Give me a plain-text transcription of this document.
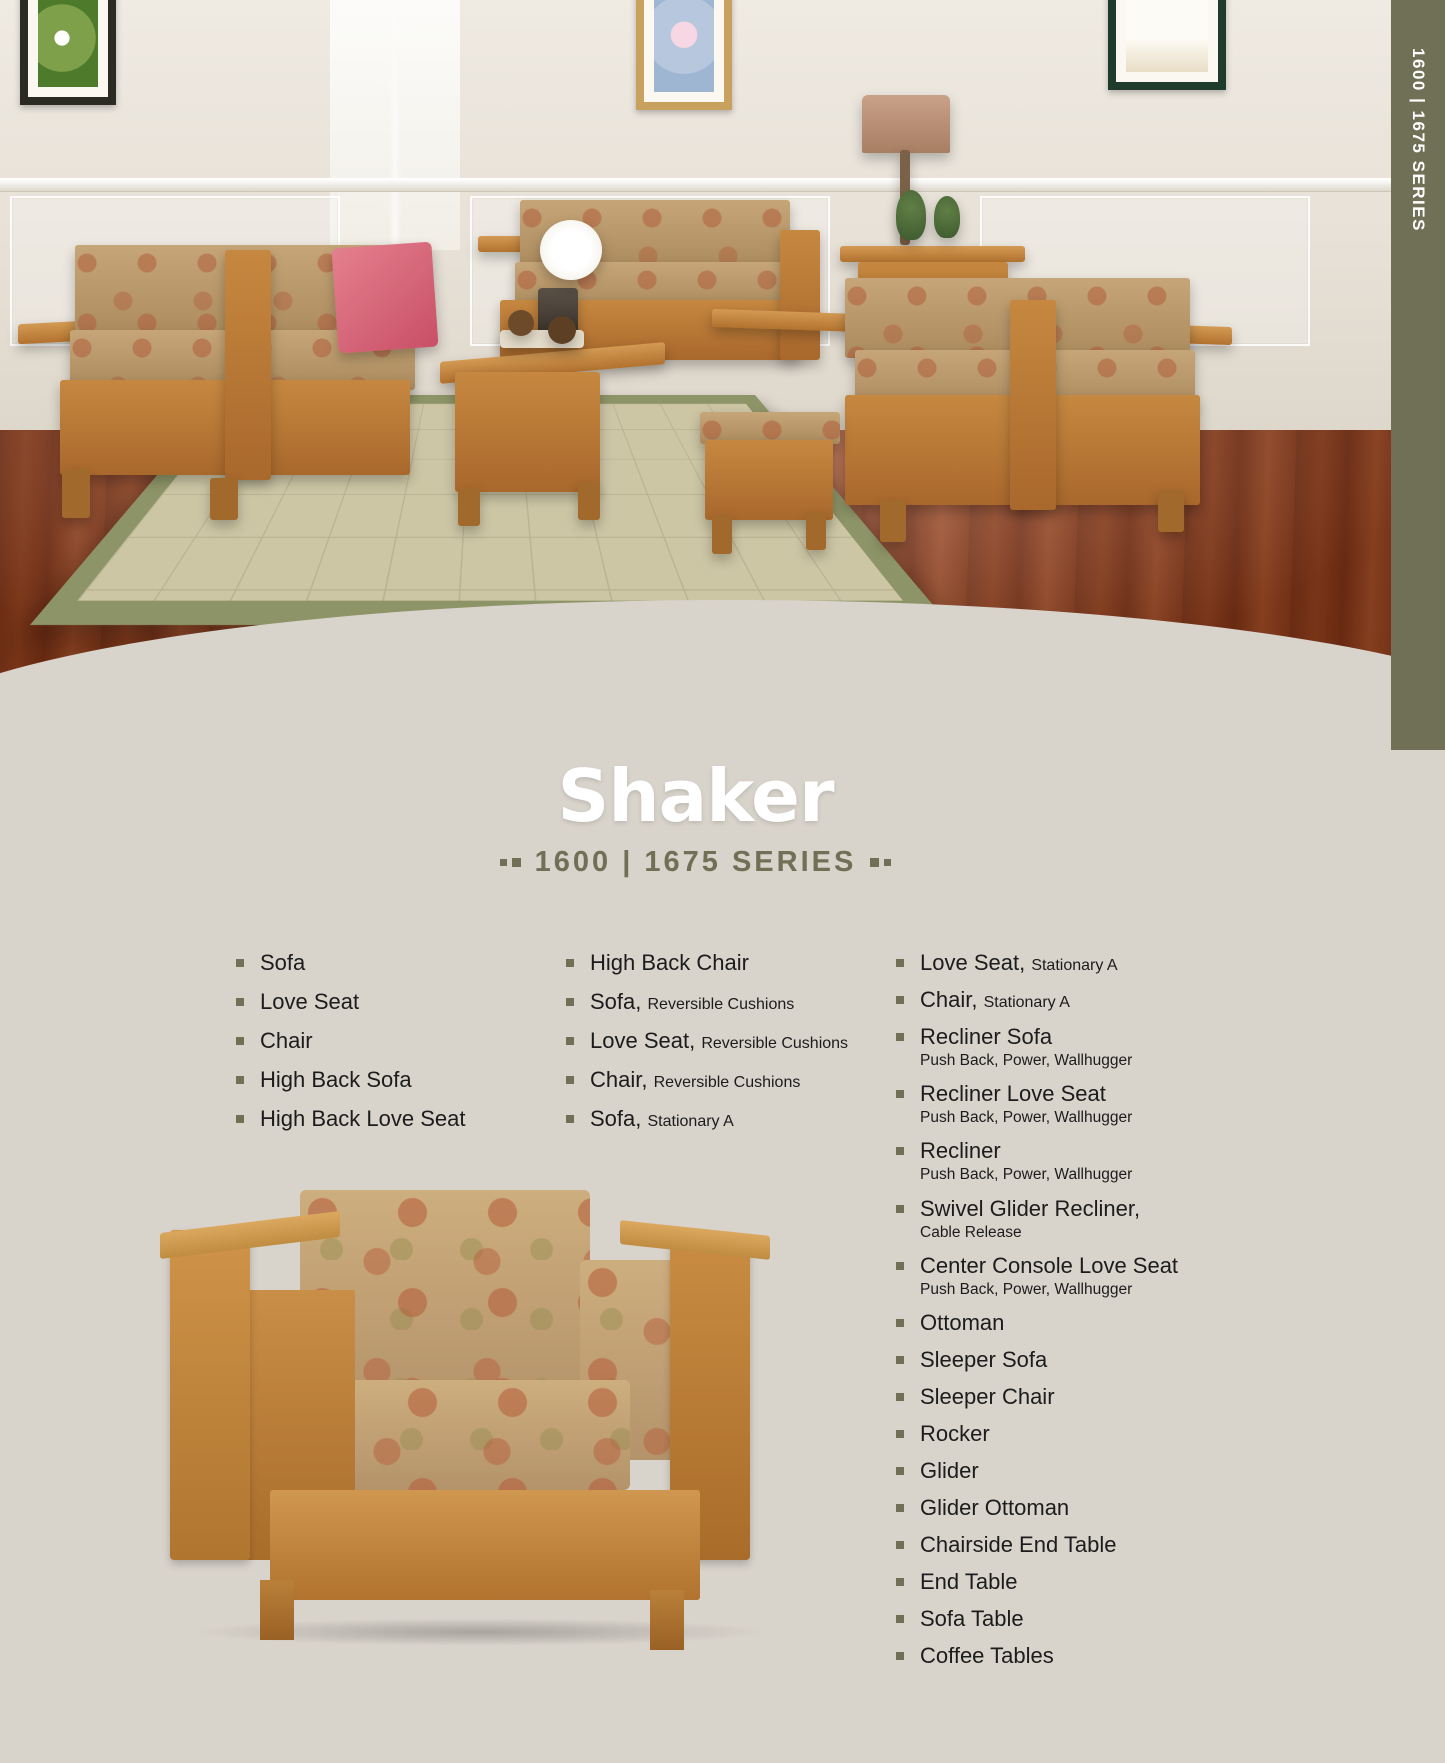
1600 | 1675 SERIES
Shaker
1600 | 1675 SERIES
Sofa
Love Seat
Chair
High Back Sofa
High Back Love Seat
High Back Chair
Sofa, Reversible Cushions
Love Seat, Reversible Cushions
Chair, Reversible Cushions
Sofa, Stationary A
Love Seat, Stationary A
Chair, Stationary A
Recliner Sofa
Push Back, Power, Wallhugger
Recliner Love Seat
Push Back, Power, Wallhugger
Recliner
Push Back, Power, Wallhugger
Swivel Glider Recliner,
Cable Release
Center Console Love Seat
Push Back, Power, Wallhugger
Ottoman
Sleeper Sofa
Sleeper Chair
Rocker
Glider
Glider Ottoman
Chairside End Table
End Table
Sofa Table
Coffee Tables
